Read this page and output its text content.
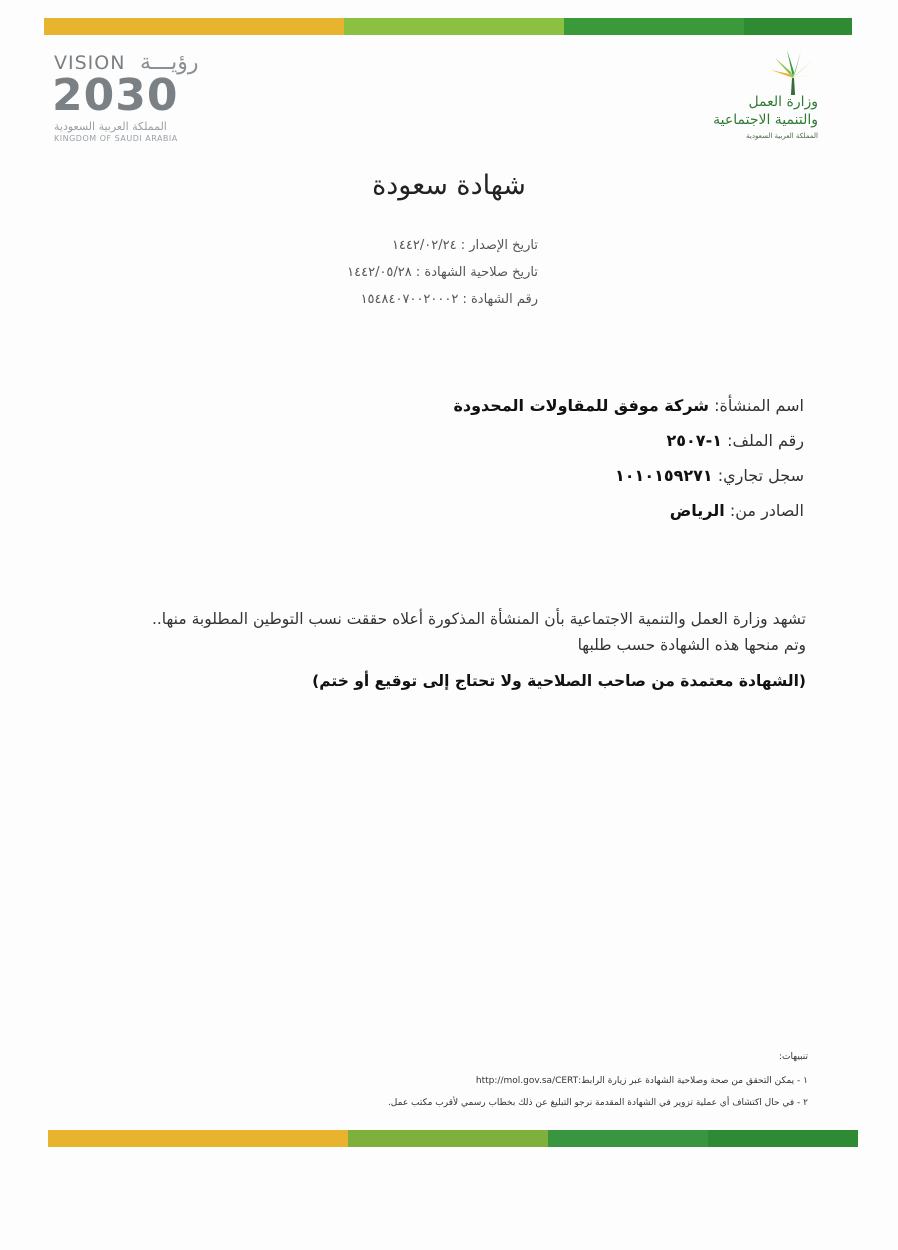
VISION رؤيـــة
2030
المملكة العربية السعودية
KINGDOM OF SAUDI ARABIA
وزارة العمل
والتنمية الاجتماعية
المملكة العربية السعودية
شهادة سعودة
تاريخ الإصدار : ١٤٤٢/٠٢/٢٤
تاريخ صلاحية الشهادة : ١٤٤٢/٠٥/٢٨
رقم الشهادة : ١٥٤٨٤٠٧٠٠٢٠٠٠٢
اسم المنشأة: شركة موفق للمقاولات المحدودة
رقم الملف: ١-٢٥٠٧
سجل تجاري: ١٠١٠١٥٩٢٧١
الصادر من: الرياض
تشهد وزارة العمل والتنمية الاجتماعية بأن المنشأة المذكورة أعلاه حققت نسب التوطين المطلوبة منها..
وتم منحها هذه الشهادة حسب طلبها
(الشهادة معتمدة من صاحب الصلاحية ولا تحتاج إلى توقيع أو ختم)
تنبيهات:
١ - يمكن التحقق من صحة وصلاحية الشهادة عبر زيارة الرابط:http://mol.gov.sa/CERT
٢ - في حال اكتشاف أي عملية تزوير في الشهادة المقدمة نرجو التبليغ عن ذلك بخطاب رسمي لأقرب مكتب عمل.
